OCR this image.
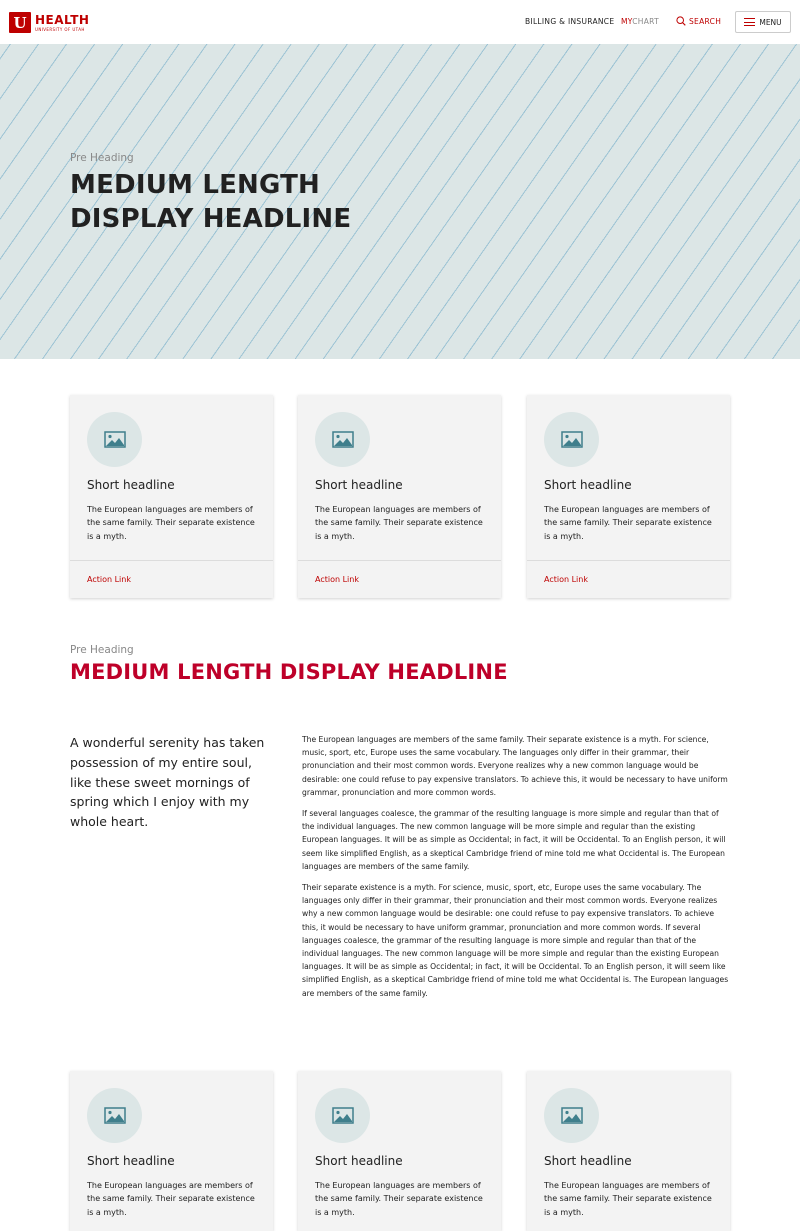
U HEALTH
UNIVERSITY OF UTAH
BILLING & INSURANCE MYCHART	SEARCH	MENU
Pre Heading
MEDIUM LENGTH
DISPLAY HEADLINE
Short headline
The European languages are members of the same family. Their separate existence is a myth.
Action Link
Short headline
The European languages are members of the same family. Their separate existence is a myth.
Action Link
Short headline
The European languages are members of the same family. Their separate existence is a myth.
Action Link
Pre Heading
MEDIUM LENGTH DISPLAY HEADLINE
A wonderful serenity has taken possession of my entire soul, like these sweet mornings of spring which I enjoy with my whole heart.

The European languages are members of the same family. Their separate existence is a myth. For science, music, sport, etc, Europe uses the same vocabulary. The languages only differ in their grammar, their pronunciation and their most common words. Everyone realizes why a new common language would be desirable: one could refuse to pay expensive translators. To achieve this, it would be necessary to have uniform grammar, pronunciation and more common words.

If several languages coalesce, the grammar of the resulting language is more simple and regular than that of the individual languages. The new common language will be more simple and regular than the existing European languages. It will be as simple as Occidental; in fact, it will be Occidental. To an English person, it will seem like simplified English, as a skeptical Cambridge friend of mine told me what Occidental is. The European languages are members of the same family.

Their separate existence is a myth. For science, music, sport, etc, Europe uses the same vocabulary. The languages only differ in their grammar, their pronunciation and their most common words. Everyone realizes why a new common language would be desirable: one could refuse to pay expensive translators. To achieve this, it would be necessary to have uniform grammar, pronunciation and more common words. If several languages coalesce, the grammar of the resulting language is more simple and regular than that of the individual languages. The new common language will be more simple and regular than the existing European languages. It will be as simple as Occidental; in fact, it will be Occidental. To an English person, it will seem like simplified English, as a skeptical Cambridge friend of mine told me what Occidental is. The European languages are members of the same family.

Short headline
The European languages are members of the same family. Their separate existence is a myth.
Short headline
The European languages are members of the same family. Their separate existence is a myth.
Short headline
The European languages are members of the same family. Their separate existence is a myth.
